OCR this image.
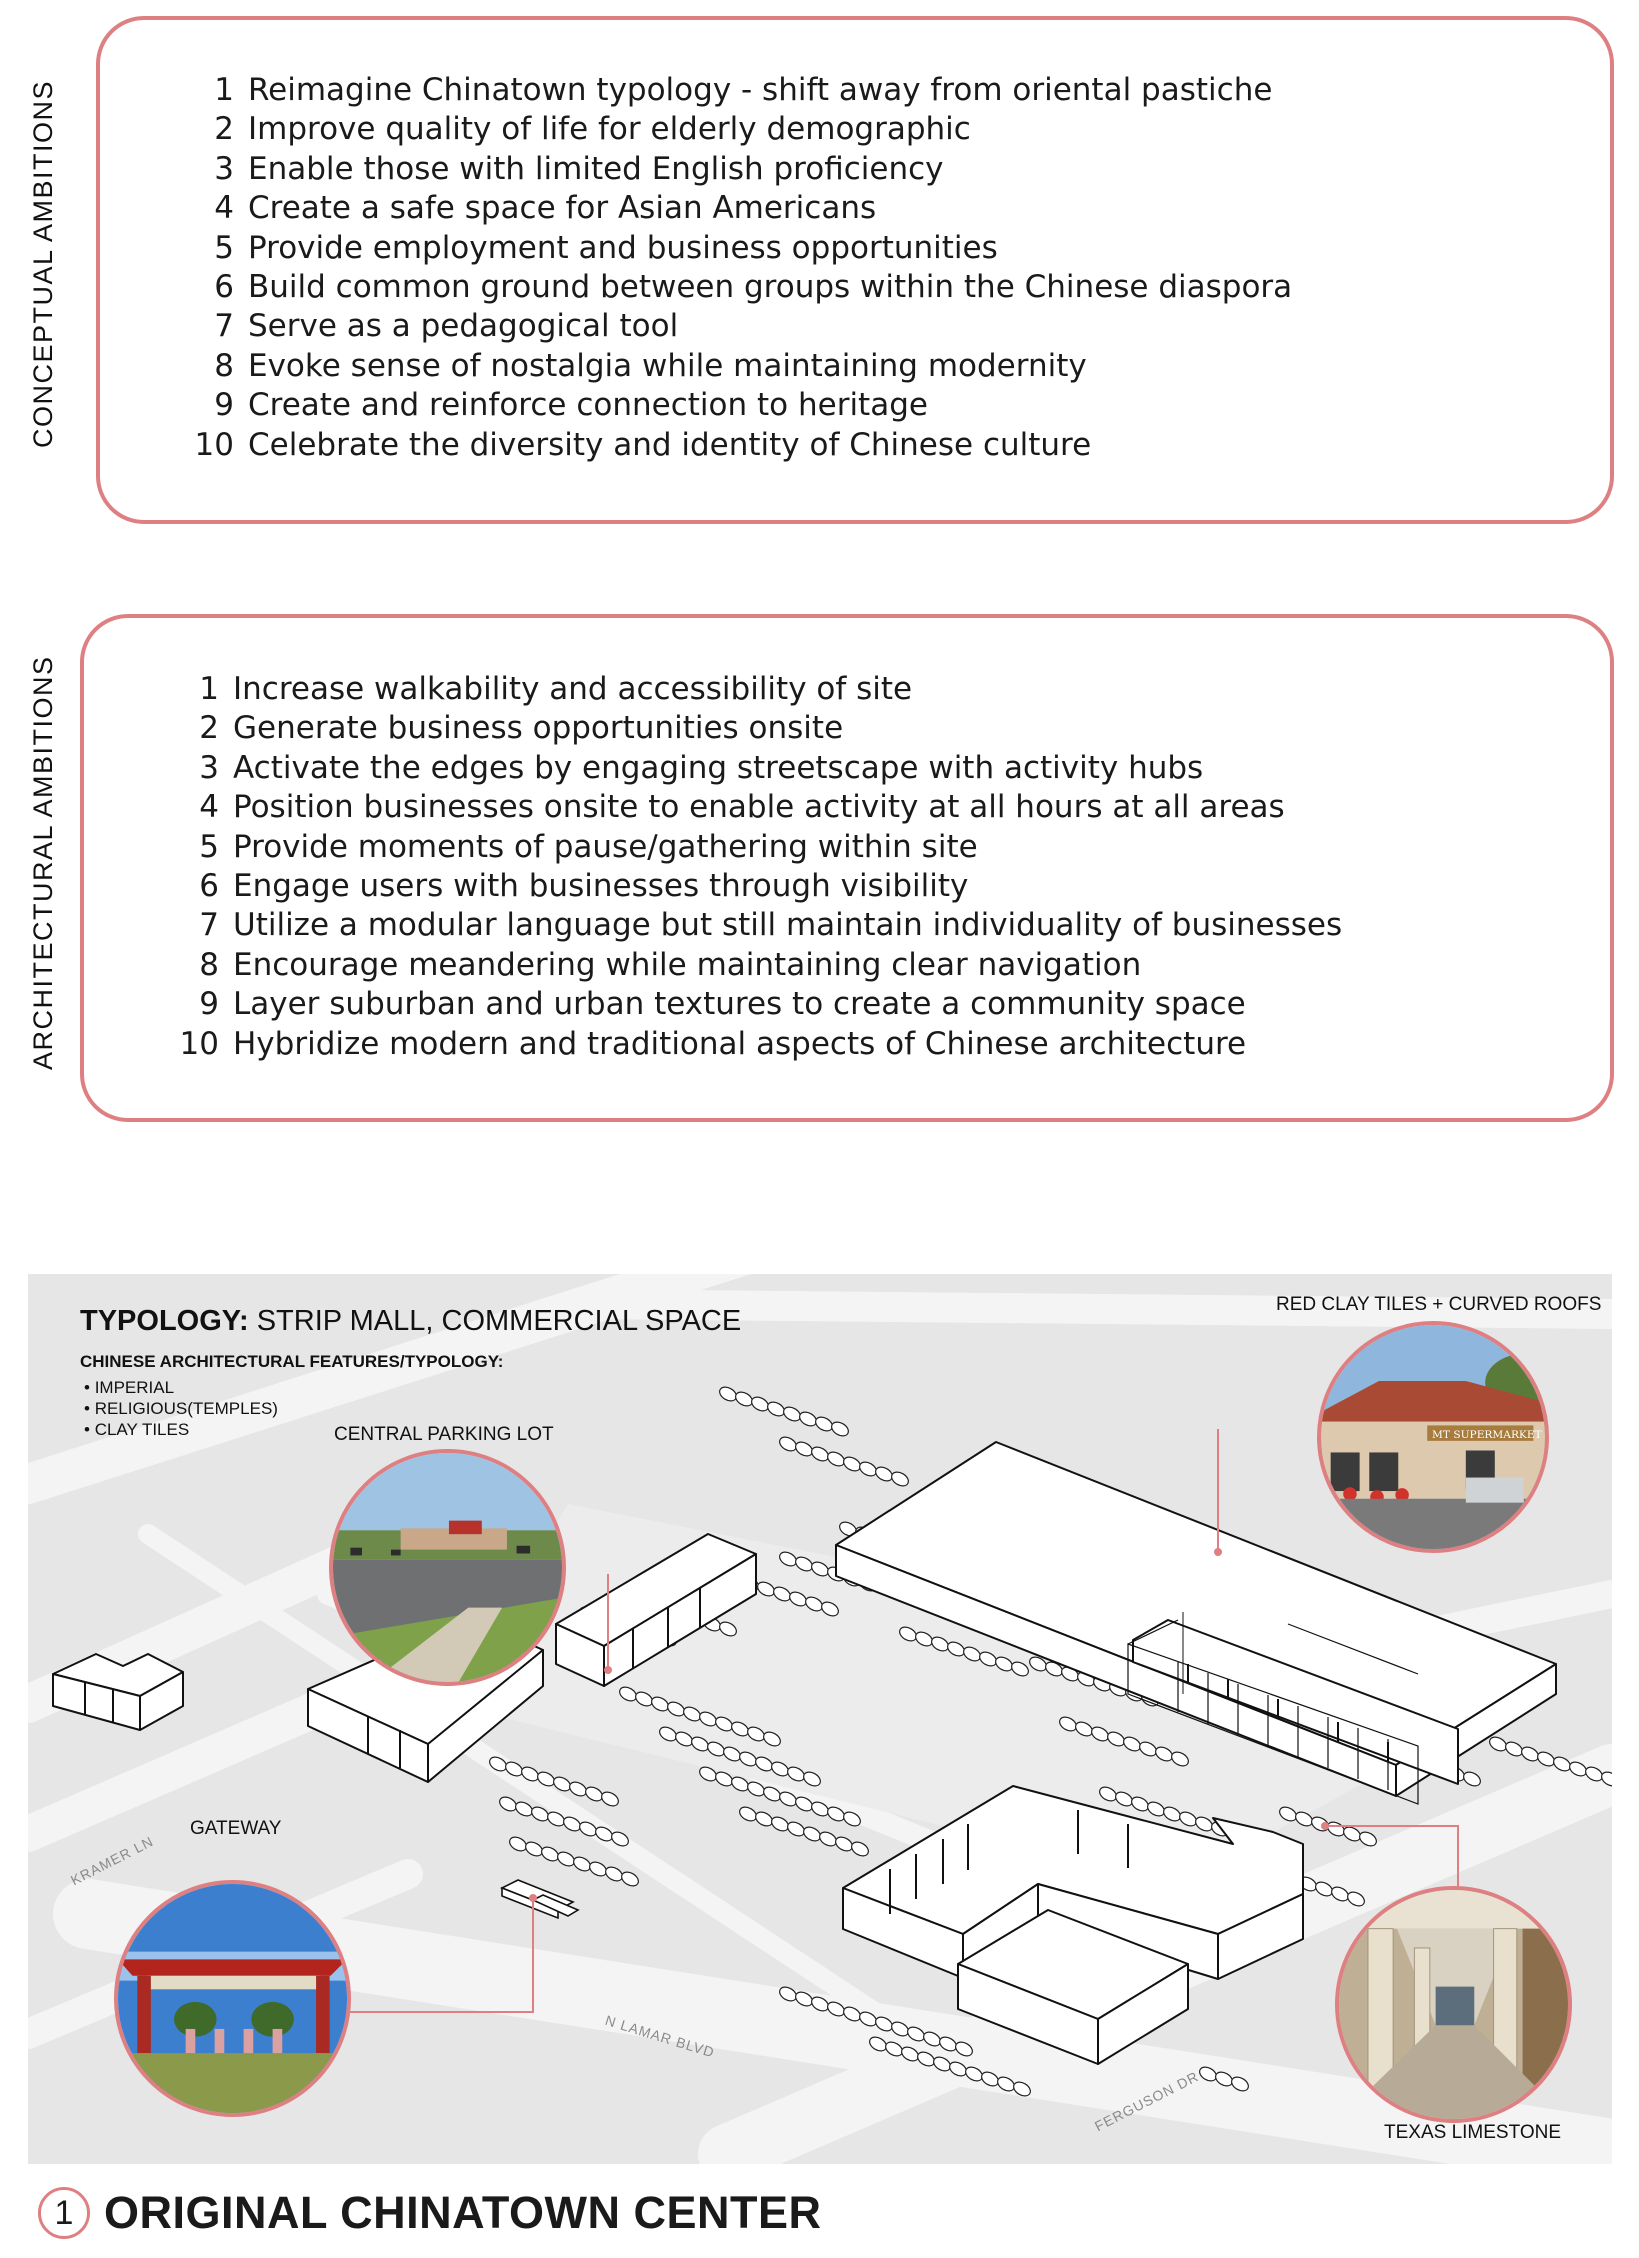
CONCEPTUAL AMBITIONS	1 Reimagine Chinatown typology - shift away from oriental pastiche
2 Improve quality of life for elderly demographic
3 Enable those with limited English proficiency
4 Create a safe space for Asian Americans
5 Provide employment and business opportunities
6 Build common ground between groups within the Chinese diaspora
7 Serve as a pedagogical tool
8 Evoke sense of nostalgia while maintaining modernity
9 Create and reinforce connection to heritage
10 Celebrate the diversity and identity of Chinese culture
ARCHITECTURAL AMBITIONS	1 Increase walkability and accessibility of site
2 Generate business opportunities onsite
3 Activate the edges by engaging streetscape with activity hubs
4 Position businesses onsite to enable activity at all hours at all areas
5 Provide moments of pause/gathering within site
6 Engage users with businesses through visibility
7 Utilize a modular language but still maintain individuality of businesses
8 Encourage meandering while maintaining clear navigation
9 Layer suburban and urban textures to create a community space
10 Hybridize modern and traditional aspects of Chinese architecture
TYPOLOGY: STRIP MALL, COMMERCIAL SPACE
CHINESE ARCHITECTURAL FEATURES/TYPOLOGY:
• IMPERIAL
• RELIGIOUS(TEMPLES)
• CLAY TILES	CENTRAL PARKING LOT
RED CLAY TILES + CURVED ROOFS
GATEWAY
TEXAS LIMESTONE
KRAMER LN
N LAMAR BLVD
FERGUSON DR
MT SUPERMARKET
1 ORIGINAL CHINATOWN CENTER
